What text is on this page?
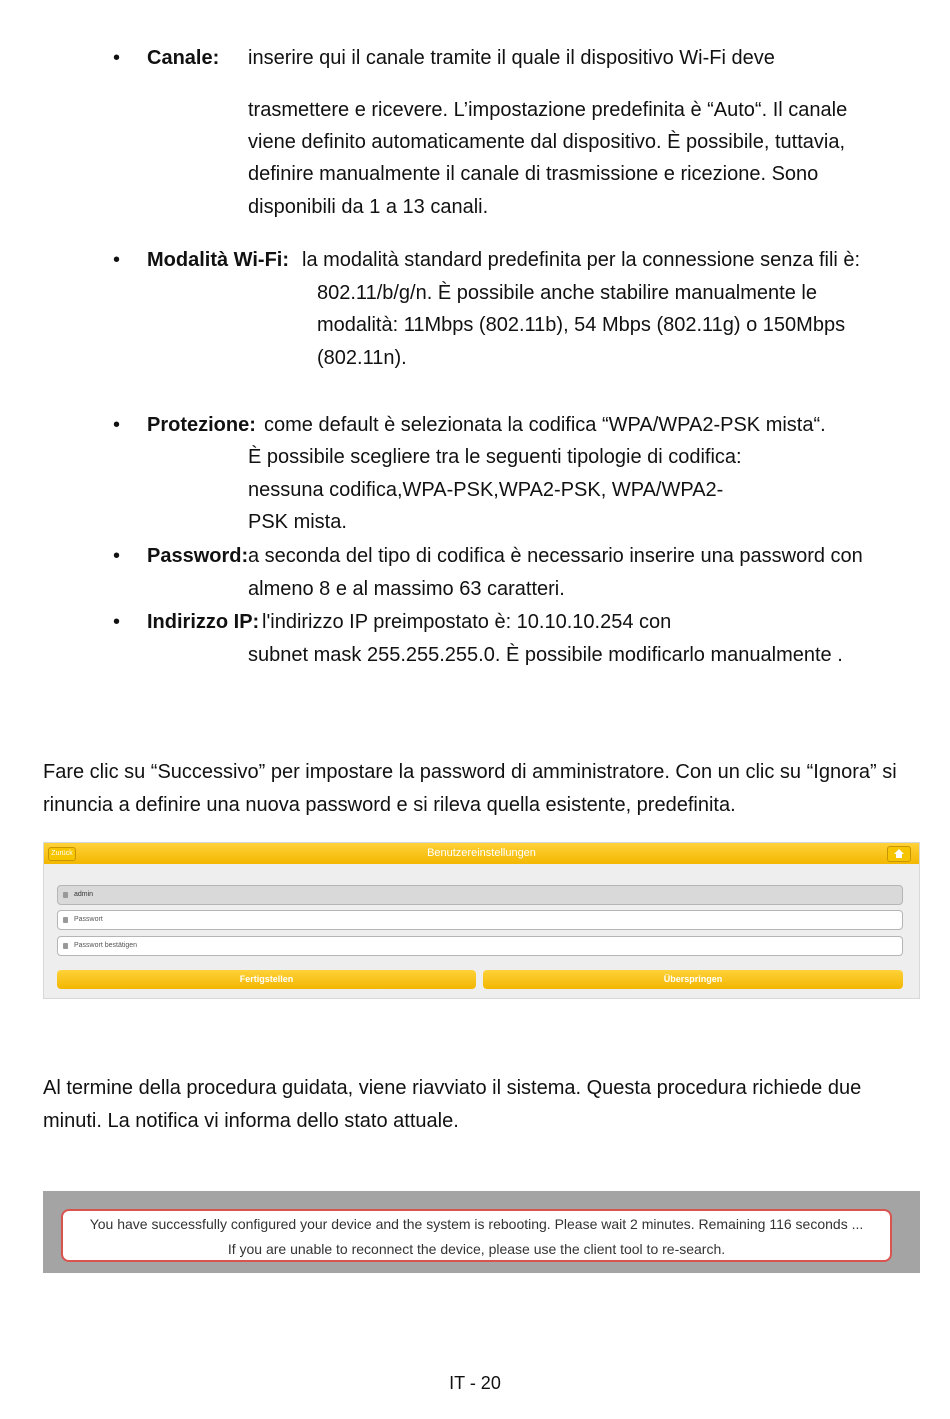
• Canale: inserire qui il canale tramite il quale il dispositivo Wi-Fi deve
trasmettere e ricevere. L’impostazione predefinita è “Auto“. Il canale
viene definito automaticamente dal dispositivo. È possibile, tuttavia,
definire manualmente il canale di trasmissione e ricezione. Sono
disponibili da 1 a 13 canali.
• Modalità Wi-Fi: la modalità standard predefinita per la connessione senza fili è:
802.11/b/g/n. È possibile anche stabilire manualmente le
modalità: 11Mbps (802.11b), 54 Mbps (802.11g) o 150Mbps
(802.11n).
• Protezione: come default è selezionata la codifica “WPA/WPA2-PSK mista“.
È possibile scegliere tra le seguenti tipologie di codifica:
nessuna codifica,WPA-PSK,WPA2-PSK, WPA/WPA2-
PSK mista.
• Password: a seconda del tipo di codifica è necessario inserire una password con
almeno 8 e al massimo 63 caratteri.
• Indirizzo IP: l'indirizzo IP preimpostato è: 10.10.10.254 con
subnet mask 255.255.255.0. È possibile modificarlo manualmente .

Fare clic su “Successivo” per impostare la password di amministratore. Con un clic su “Ignora” si rinuncia a definire una nuova password e si rileva quella esistente, predefinita.

Zurück	Benutzereinstellungen
admin
Passwort
Passwort bestätigen
Fertigstellen	Überspringen

Al termine della procedura guidata, viene riavviato il sistema. Questa procedura richiede due minuti. La notifica vi informa dello stato attuale.

You have successfully configured your device and the system is rebooting. Please wait 2 minutes. Remaining 116 seconds ...
If you are unable to reconnect the device, please use the client tool to re-search.
IT - 20
